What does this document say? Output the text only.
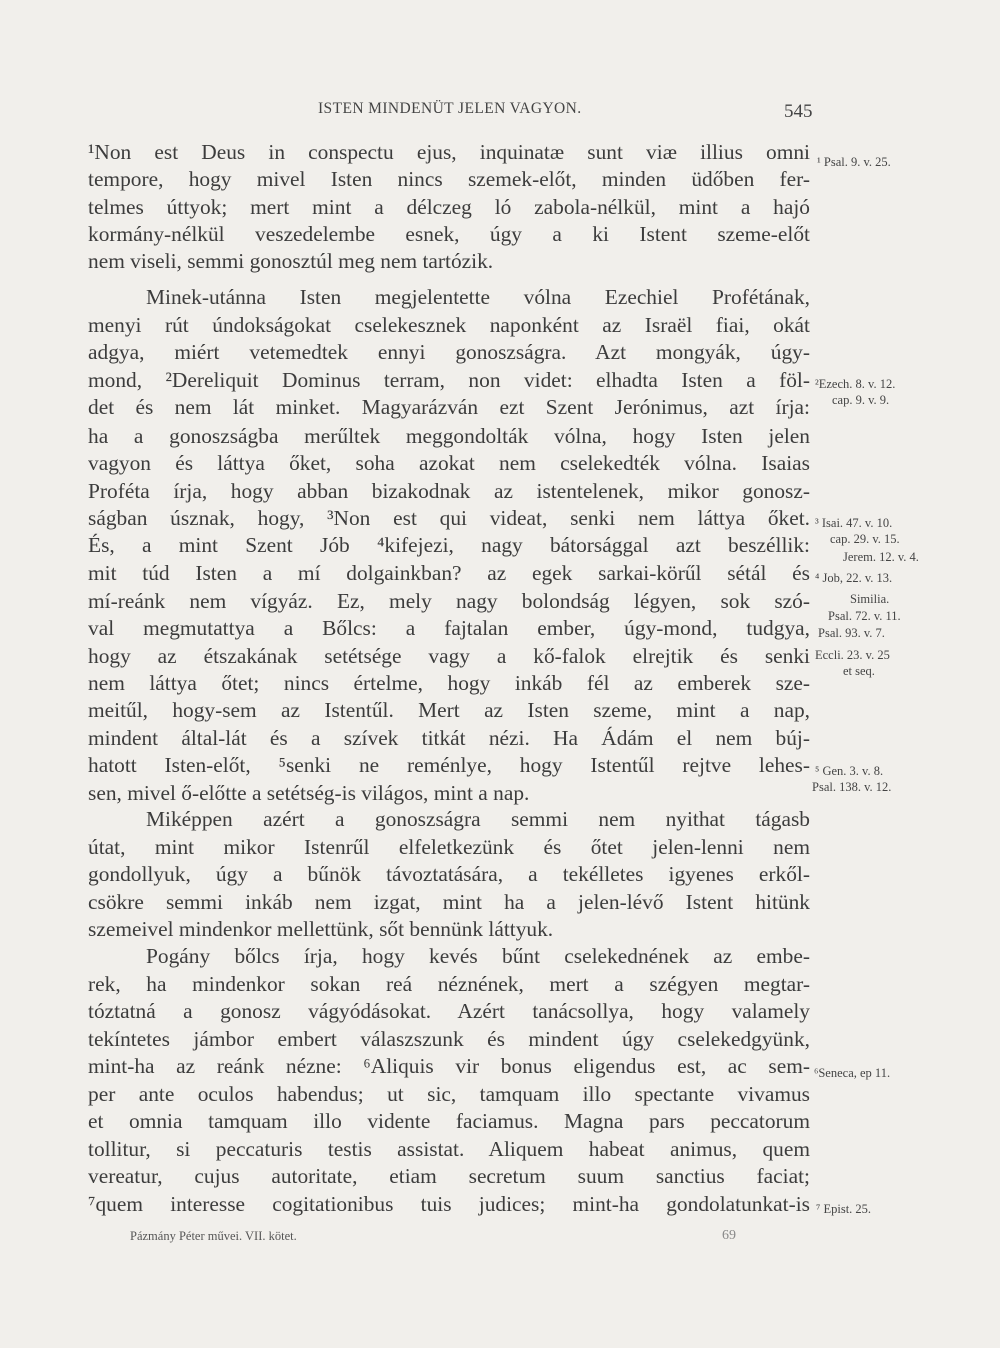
ISTEN MINDENÜT JELEN VAGYON.	545
¹Non est Deus in conspectu ejus, inquinatæ sunt viæ illius omni
tempore, hogy mivel Isten nincs szemek-előt, minden üdőben fer-
telmes úttyok; mert mint a délczeg ló zabola-nélkül, mint a hajó
kormány-nélkül veszedelembe esnek, úgy a ki Istent szeme-előt
nem viseli, semmi gonosztúl meg nem tartózik.
Minek-utánna Isten megjelentette vólna Ezechiel Profétának,
menyi rút úndokságokat cselekesznek naponként az Israël fiai, okát
adgya, miért vetemedtek ennyi gonoszságra. Azt mongyák, úgy-
mond, ²Dereliquit Dominus terram, non videt: elhadta Isten a föl-
det és nem lát minket. Magyarázván ezt Szent Jerónimus, azt írja:
ha a gonoszságba merűltek meggondolták vólna, hogy Isten jelen
vagyon és láttya őket, soha azokat nem cselekedték vólna. Isaias
Proféta írja, hogy abban bizakodnak az istentelenek, mikor gonosz-
ságban úsznak, hogy, ³Non est qui videat, senki nem láttya őket.
És, a mint Szent Jób ⁴kifejezi, nagy bátorsággal azt beszéllik:
mit túd Isten a mí dolgainkban? az egek sarkai-körűl sétál és
mí-reánk nem vígyáz. Ez, mely nagy bolondság légyen, sok szó-
val megmutattya a Bőlcs: a fajtalan ember, úgy-mond, tudgya,
hogy az étszakának setétsége vagy a kő-falok elrejtik és senki
nem láttya őtet; nincs értelme, hogy inkáb fél az emberek sze-
meitűl, hogy-sem az Istentűl. Mert az Isten szeme, mint a nap,
mindent által-lát és a szívek titkát nézi. Ha Ádám el nem búj-
hatott Isten-előt, ⁵senki ne reménlye, hogy Istentűl rejtve lehes-
sen, mivel ő-előtte a setétség-is világos, mint a nap.
Miképpen azért a gonoszságra semmi nem nyithat tágasb
útat, mint mikor Istenrűl elfeletkezünk és őtet jelen-lenni nem
gondollyuk, úgy a bűnök távoztatására, a tekélletes igyenes erkől-
csökre semmi inkáb nem izgat, mint ha a jelen-lévő Istent hitünk
szemeivel mindenkor mellettünk, sőt bennünk láttyuk.
Pogány bőlcs írja, hogy kevés bűnt cselekednének az embe-
rek, ha mindenkor sokan reá néznének, mert a szégyen megtar-
tóztatná a gonosz vágyódásokat. Azért tanácsollya, hogy valamely
tekíntetes jámbor embert válaszszunk és mindent úgy cselekedgyünk,
mint-ha az reánk nézne: ⁶Aliquis vir bonus eligendus est, ac sem-
per ante oculos habendus; ut sic, tamquam illo spectante vivamus
et omnia tamquam illo vidente faciamus. Magna pars peccatorum
tollitur, si peccaturis testis assistat. Aliquem habeat animus, quem
vereatur, cujus autoritate, etiam secretum suum sanctius faciat;
⁷quem interesse cogitationibus tuis judices; mint-ha gondolatunkat-is
¹ Psal. 9. v. 25.
²Ezech. 8. v. 12.
cap. 9. v. 9.
³ Isai. 47. v. 10.
cap. 29. v. 15.
Jerem. 12. v. 4.
⁴ Job, 22. v. 13.
Similia.
Psal. 72. v. 11.
Psal. 93. v. 7.
Eccli. 23. v. 25
et seq.
⁵ Gen. 3. v. 8.
Psal. 138. v. 12.
⁶Seneca, ep 11.
⁷ Epist. 25.
Pázmány Péter művei. VII. kötet.	69
